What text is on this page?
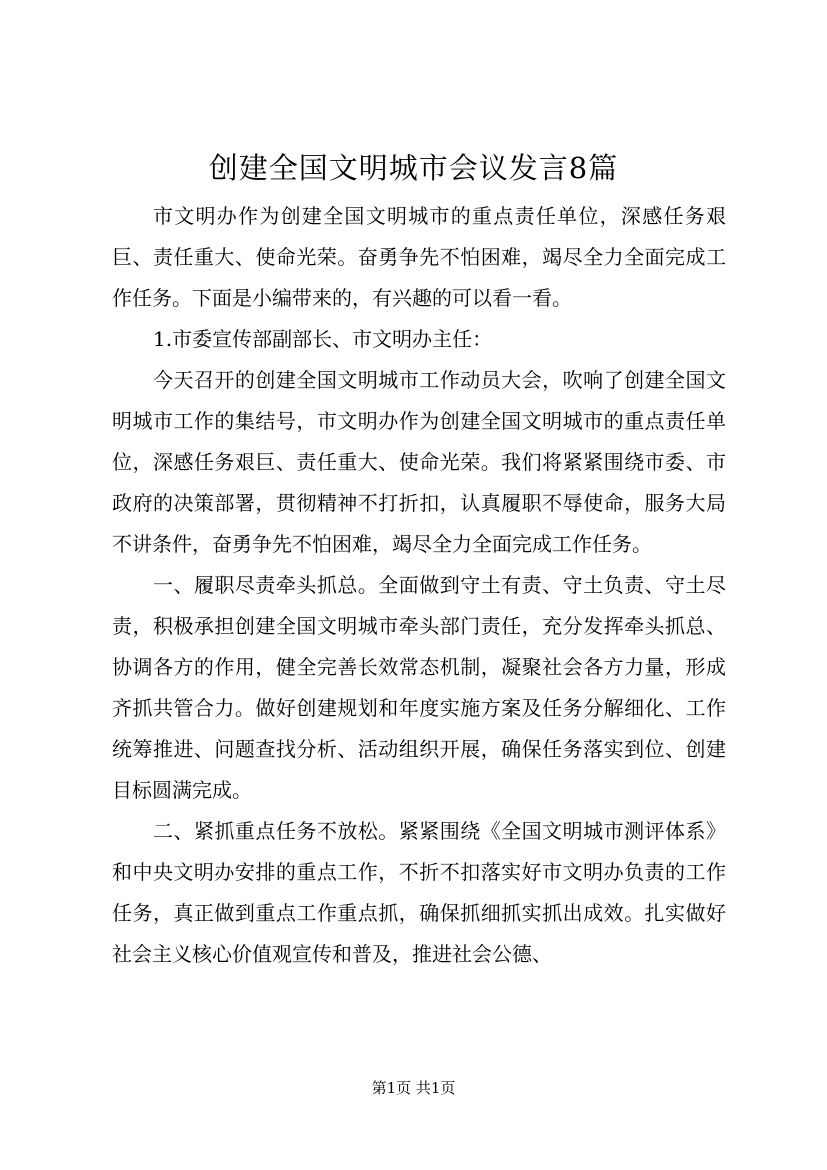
创建全国文明城市会议发言8篇

市文明办作为创建全国文明城市的重点责任单位，深感任务艰巨、责任重大、使命光荣。奋勇争先不怕困难，竭尽全力全面完成工作任务。下面是小编带来的，有兴趣的可以看一看。

1.市委宣传部副部长、市文明办主任：

今天召开的创建全国文明城市工作动员大会，吹响了创建全国文明城市工作的集结号，市文明办作为创建全国文明城市的重点责任单位，深感任务艰巨、责任重大、使命光荣。我们将紧紧围绕市委、市政府的决策部署，贯彻精神不打折扣，认真履职不辱使命，服务大局不讲条件，奋勇争先不怕困难，竭尽全力全面完成工作任务。

一、履职尽责牵头抓总。全面做到守土有责、守土负责、守土尽责，积极承担创建全国文明城市牵头部门责任，充分发挥牵头抓总、协调各方的作用，健全完善长效常态机制，凝聚社会各方力量，形成齐抓共管合力。做好创建规划和年度实施方案及任务分解细化、工作统筹推进、问题查找分析、活动组织开展，确保任务落实到位、创建目标圆满完成。

二、紧抓重点任务不放松。紧紧围绕《全国文明城市测评体系》和中央文明办安排的重点工作，不折不扣落实好市文明办负责的工作任务，真正做到重点工作重点抓，确保抓细抓实抓出成效。扎实做好社会主义核心价值观宣传和普及，推进社会公德、

第1页 共1页
